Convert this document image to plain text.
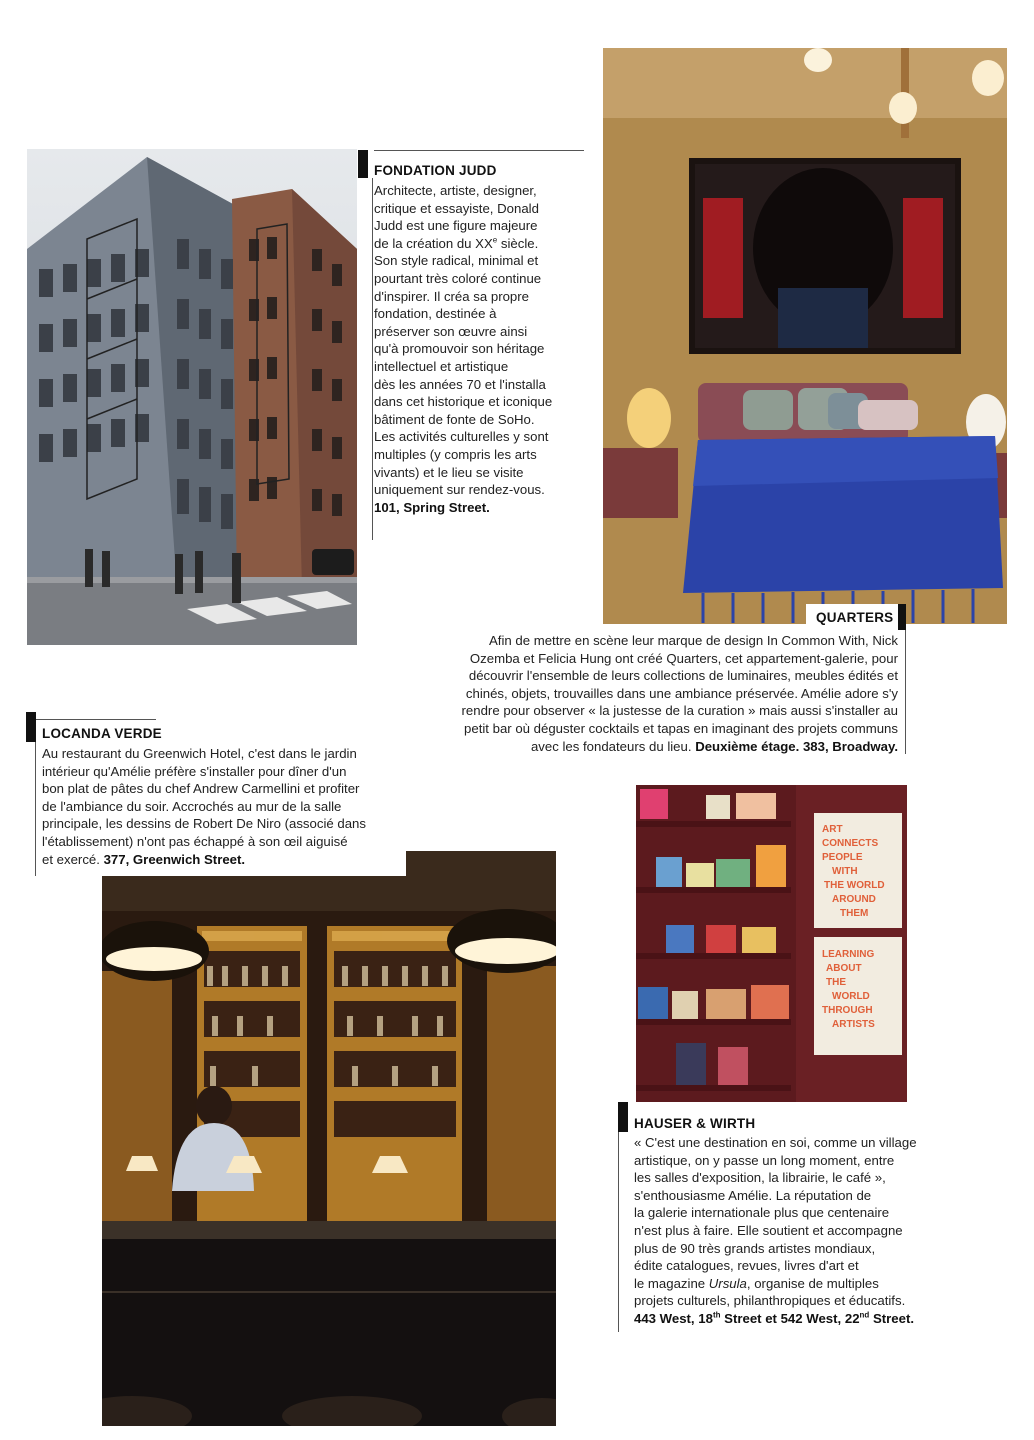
ART
CONNECTS
PEOPLE
WITH
THE WORLD
AROUND
THEM
LEARNING
ABOUT
THE
WORLD
THROUGH
ARTISTS
FONDATION JUDD

Architecte, artiste, designer,
critique et essayiste, Donald
Judd est une figure majeure
de la création du XXe siècle.
Son style radical, minimal et
pourtant très coloré continue
d'inspirer. Il créa sa propre
fondation, destinée à
préserver son œuvre ainsi
qu'à promouvoir son héritage
intellectuel et artistique
dès les années 70 et l'installa
dans cet historique et iconique
bâtiment de fonte de SoHo.
Les activités culturelles y sont
multiples (y compris les arts
vivants) et le lieu se visite
uniquement sur rendez-vous.
101, Spring Street.

QUARTERS

Afin de mettre en scène leur marque de design In Common With, Nick
Ozemba et Felicia Hung ont créé Quarters, cet appartement-galerie, pour
découvrir l'ensemble de leurs collections de luminaires, meubles édités et
chinés, objets, trouvailles dans une ambiance préservée. Amélie adore s'y
rendre pour observer « la justesse de la curation » mais aussi s'installer au
petit bar où déguster cocktails et tapas en imaginant des projets communs
avec les fondateurs du lieu. Deuxième étage. 383, Broadway.

LOCANDA VERDE

Au restaurant du Greenwich Hotel, c'est dans le jardin
intérieur qu'Amélie préfère s'installer pour dîner d'un
bon plat de pâtes du chef Andrew Carmellini et profiter
de l'ambiance du soir. Accrochés au mur de la salle
principale, les dessins de Robert De Niro (associé dans
l'établissement) n'ont pas échappé à son œil aiguisé
et exercé. 377, Greenwich Street.

HAUSER & WIRTH

« C'est une destination en soi, comme un village
artistique, on y passe un long moment, entre
les salles d'exposition, la librairie, le café »,
s'enthousiasme Amélie. La réputation de
la galerie internationale plus que centenaire
n'est plus à faire. Elle soutient et accompagne
plus de 90 très grands artistes mondiaux,
édite catalogues, revues, livres d'art et
le magazine Ursula, organise de multiples
projets culturels, philanthropiques et éducatifs.
443 West, 18th Street et 542 West, 22nd Street.
